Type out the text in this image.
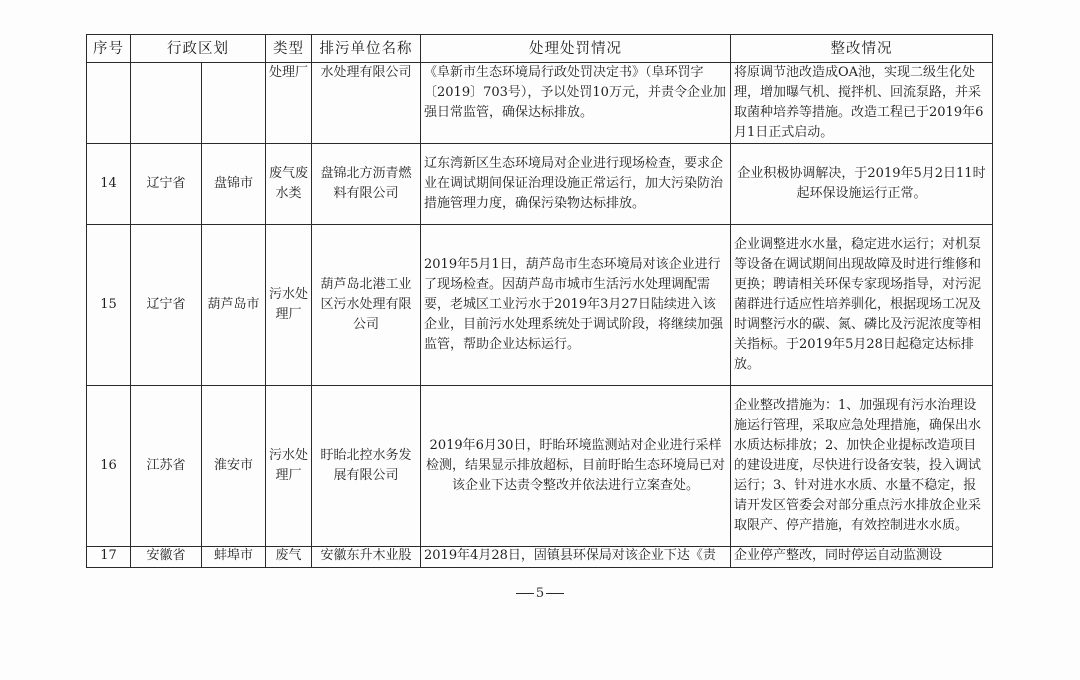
序号	行政区划		类型	排污单位名称	处理处罚情况	整改情况
			处理厂	水处理有限公司	《阜新市生态环境局行政处罚决定书》（阜环罚字〔2019〕703号），予以处罚10万元，并责令企业加强日常监管，确保达标排放。	将原调节池改造成OA池，实现二级生化处理，增加曝气机、搅拌机、回流泵路，并采取菌种培养等措施。改造工程已于2019年6月1日正式启动。
14	辽宁省	盘锦市	废气废水类	盘锦北方沥青燃料有限公司	辽东湾新区生态环境局对企业进行现场检查，要求企业在调试期间保证治理设施正常运行，加大污染防治措施管理力度，确保污染物达标排放。	企业积极协调解决，于2019年5月2日11时起环保设施运行正常。
15	辽宁省	葫芦岛市	污水处理厂	葫芦岛北港工业区污水处理有限公司	2019年5月1日，葫芦岛市生态环境局对该企业进行了现场检查。因葫芦岛市城市生活污水处理调配需要，老城区工业污水于2019年3月27日陆续进入该企业，目前污水处理系统处于调试阶段，将继续加强监管，帮助企业达标运行。	企业调整进水水量，稳定进水运行；对机泵等设备在调试期间出现故障及时进行维修和更换；聘请相关环保专家现场指导，对污泥菌群进行适应性培养驯化，根据现场工况及时调整污水的碳、氮、磷比及污泥浓度等相关指标。于2019年5月28日起稳定达标排放。
16	江苏省	淮安市	污水处理厂	盱眙北控水务发展有限公司	2019年6月30日，盱眙环境监测站对企业进行采样检测，结果显示排放超标，目前盱眙生态环境局已对该企业下达责令整改并依法进行立案查处。	企业整改措施为：1、加强现有污水治理设施运行管理，采取应急处理措施，确保出水水质达标排放；2、加快企业提标改造项目的建设进度，尽快进行设备安装，投入调试运行；3、针对进水水质、水量不稳定，报请开发区管委会对部分重点污水排放企业采取限产、停产措施，有效控制进水水质。
17	安徽省	蚌埠市	废气	安徽东升木业股	2019年4月28日，固镇县环保局对该企业下达《责	企业停产整改，同时停运自动监测设
5
